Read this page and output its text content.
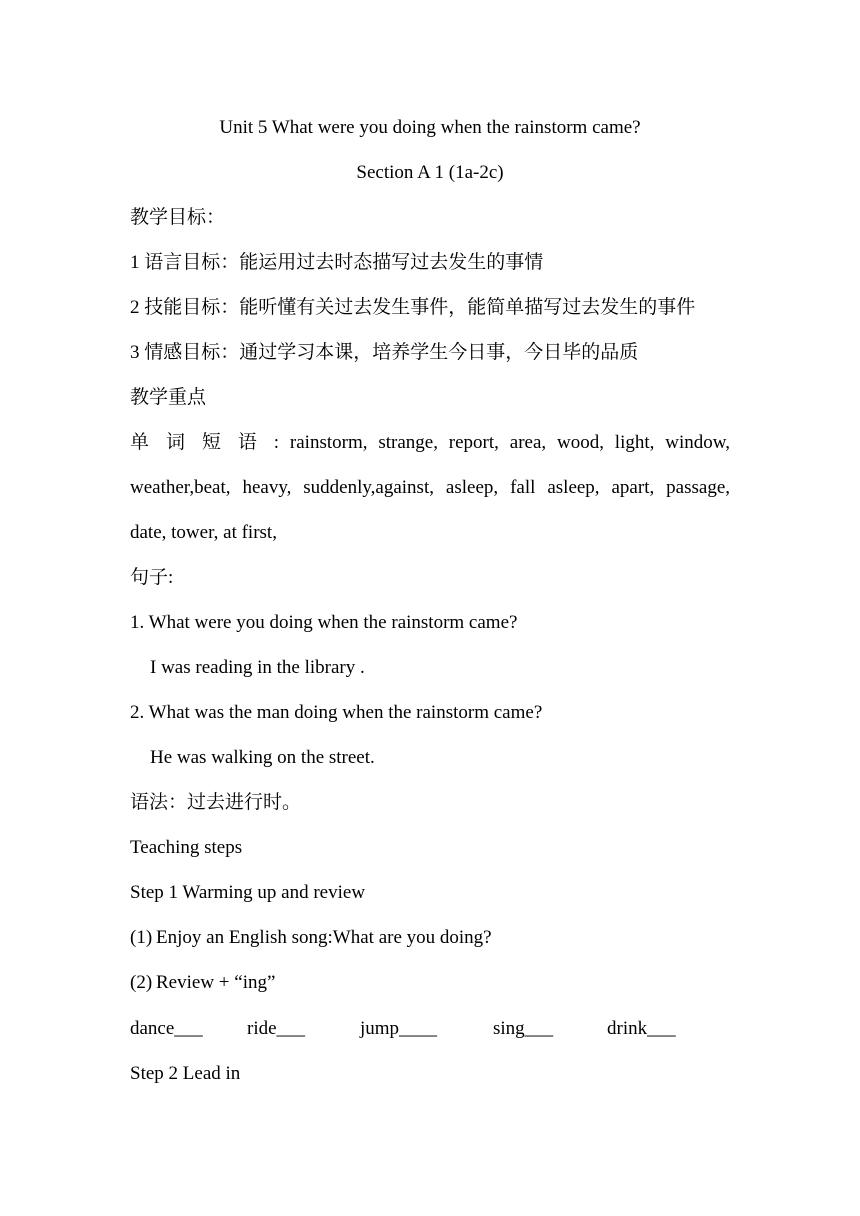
Unit 5 What were you doing when the rainstorm came?
Section A 1 (1a-2c)
教学目标：
1 语言目标：能运用过去时态描写过去发生的事情
2 技能目标：能听懂有关过去发生事件，能简单描写过去发生的事件
3 情感目标：通过学习本课，培养学生今日事，今日毕的品质
教学重点
单 词 短 语 : rainstorm, strange, report, area, wood, light, window,
weather,beat, heavy, suddenly,against, asleep, fall asleep, apart, passage,
date, tower, at first,
句子:
1. What were you doing when the rainstorm came?
I was reading in the library .
2. What was the man doing when the rainstorm came?
He was walking on the street.
语法：过去进行时。
Teaching steps
Step 1 Warming up and review
(1) Enjoy an English song:What are you doing?
(2) Review + “ing”
dance___ ride___	jump____	sing___	drink___
Step 2 Lead in
